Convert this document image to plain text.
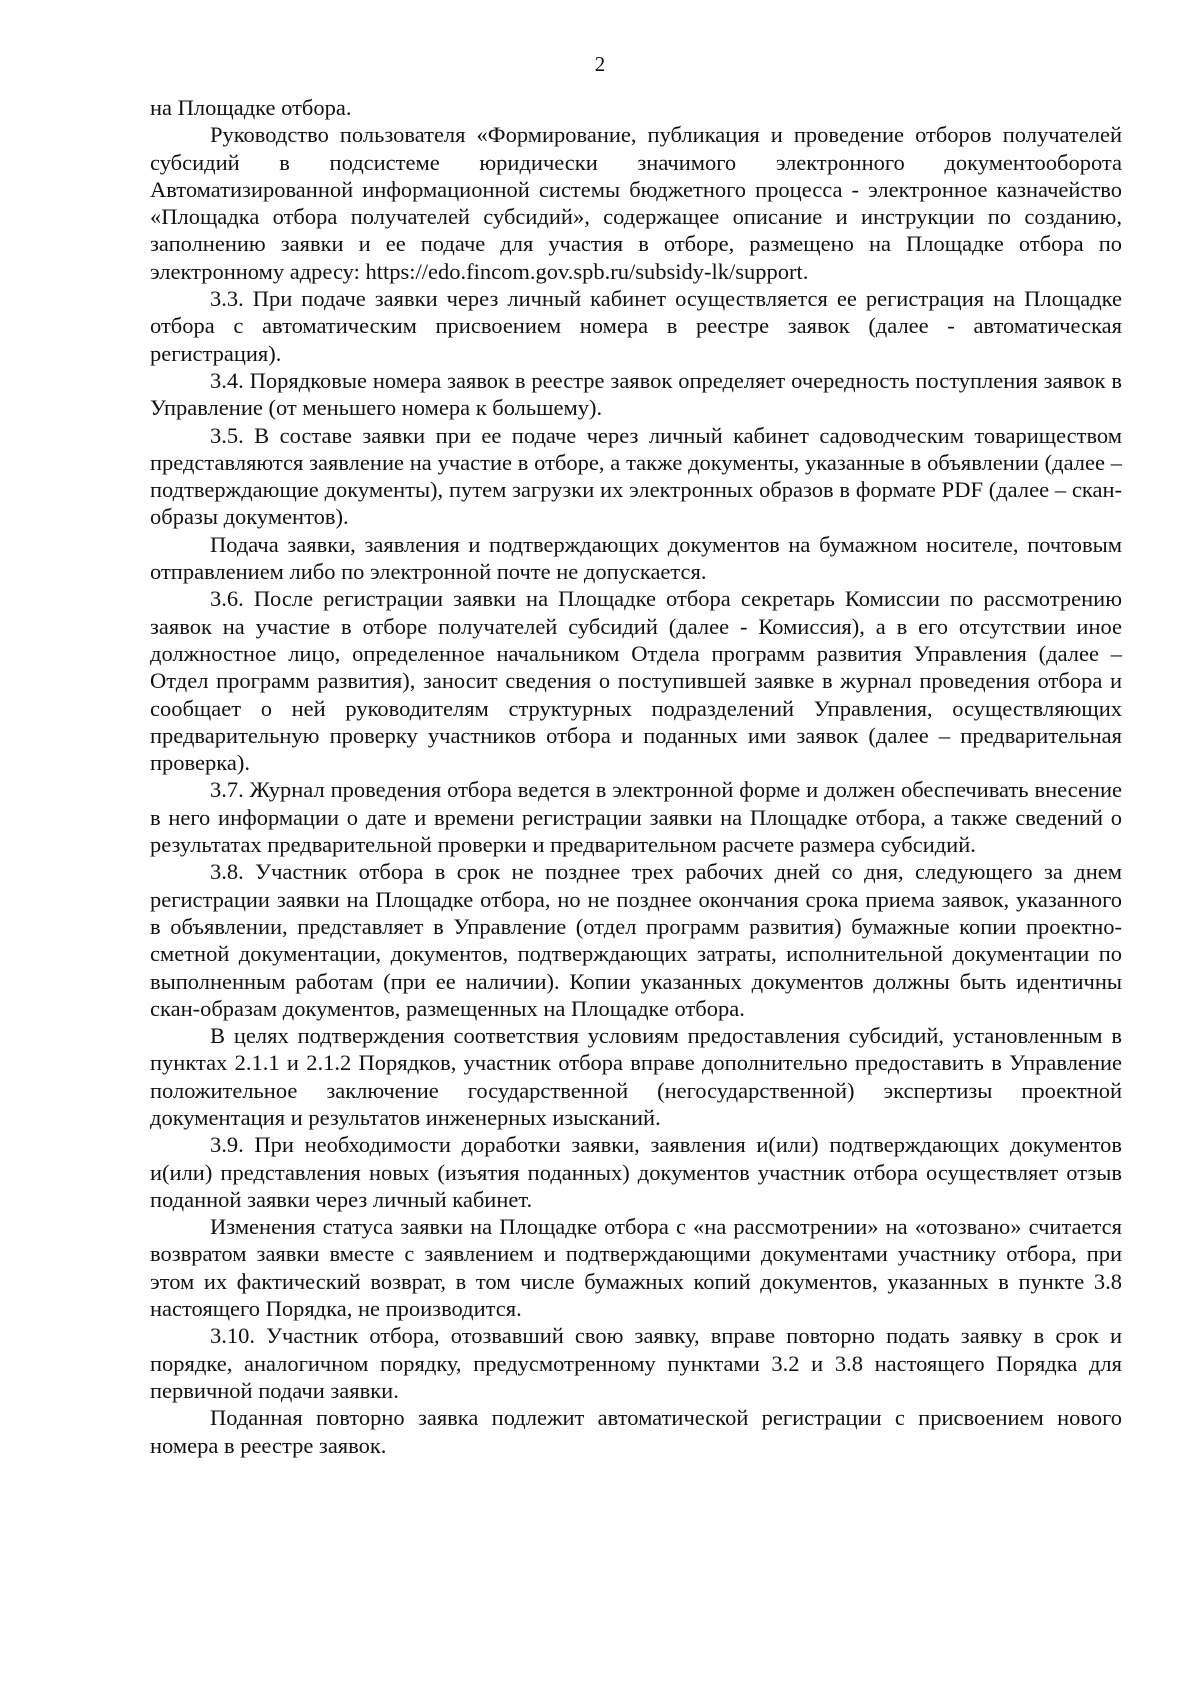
2

на Площадке отбора.

Руководство пользователя «Формирование, публикация и проведение отборов получателей субсидий в подсистеме юридически значимого электронного документооборота Автоматизированной информационной системы бюджетного процесса - электронное казначейство «Площадка отбора получателей субсидий», содержащее описание и инструкции по созданию, заполнению заявки и ее подаче для участия в отборе, размещено на Площадке отбора по электронному адресу: https://edo.fincom.gov.spb.ru/subsidy-lk/support.

3.3. При подаче заявки через личный кабинет осуществляется ее регистрация на Площадке отбора с автоматическим присвоением номера в реестре заявок (далее - автоматическая регистрация).

3.4. Порядковые номера заявок в реестре заявок определяет очередность поступления заявок в Управление (от меньшего номера к большему).

3.5. В составе заявки при ее подаче через личный кабинет садоводческим товариществом представляются заявление на участие в отборе, а также документы, указанные в объявлении (далее – подтверждающие документы), путем загрузки их электронных образов в формате PDF (далее – скан-образы документов).

Подача заявки, заявления и подтверждающих документов на бумажном носителе, почтовым отправлением либо по электронной почте не допускается.

3.6. После регистрации заявки на Площадке отбора секретарь Комиссии по рассмотрению заявок на участие в отборе получателей субсидий (далее - Комиссия), а в его отсутствии иное должностное лицо, определенное начальником Отдела программ развития Управления (далее – Отдел программ развития), заносит сведения о поступившей заявке в журнал проведения отбора и сообщает о ней руководителям структурных подразделений Управления, осуществляющих предварительную проверку участников отбора и поданных ими заявок (далее – предварительная проверка).

3.7. Журнал проведения отбора ведется в электронной форме и должен обеспечивать внесение в него информации о дате и времени регистрации заявки на Площадке отбора, а также сведений о результатах предварительной проверки и предварительном расчете размера субсидий.

3.8. Участник отбора в срок не позднее трех рабочих дней со дня, следующего за днем регистрации заявки на Площадке отбора, но не позднее окончания срока приема заявок, указанного в объявлении, представляет в Управление (отдел программ развития) бумажные копии проектно-сметной документации, документов, подтверждающих затраты, исполнительной документации по выполненным работам (при ее наличии). Копии указанных документов должны быть идентичны скан-образам документов, размещенных на Площадке отбора.

В целях подтверждения соответствия условиям предоставления субсидий, установленным в пунктах 2.1.1 и 2.1.2 Порядков, участник отбора вправе дополнительно предоставить в Управление положительное заключение государственной (негосударственной) экспертизы проектной документация и результатов инженерных изысканий.

3.9. При необходимости доработки заявки, заявления и(или) подтверждающих документов и(или) представления новых (изъятия поданных) документов участник отбора осуществляет отзыв поданной заявки через личный кабинет.

Изменения статуса заявки на Площадке отбора с «на рассмотрении» на «отозвано» считается возвратом заявки вместе с заявлением и подтверждающими документами участнику отбора, при этом их фактический возврат, в том числе бумажных копий документов, указанных в пункте 3.8 настоящего Порядка, не производится.

3.10. Участник отбора, отозвавший свою заявку, вправе повторно подать заявку в срок и порядке, аналогичном порядку, предусмотренному пунктами 3.2 и 3.8 настоящего Порядка для первичной подачи заявки.

Поданная повторно заявка подлежит автоматической регистрации с присвоением нового номера в реестре заявок.
